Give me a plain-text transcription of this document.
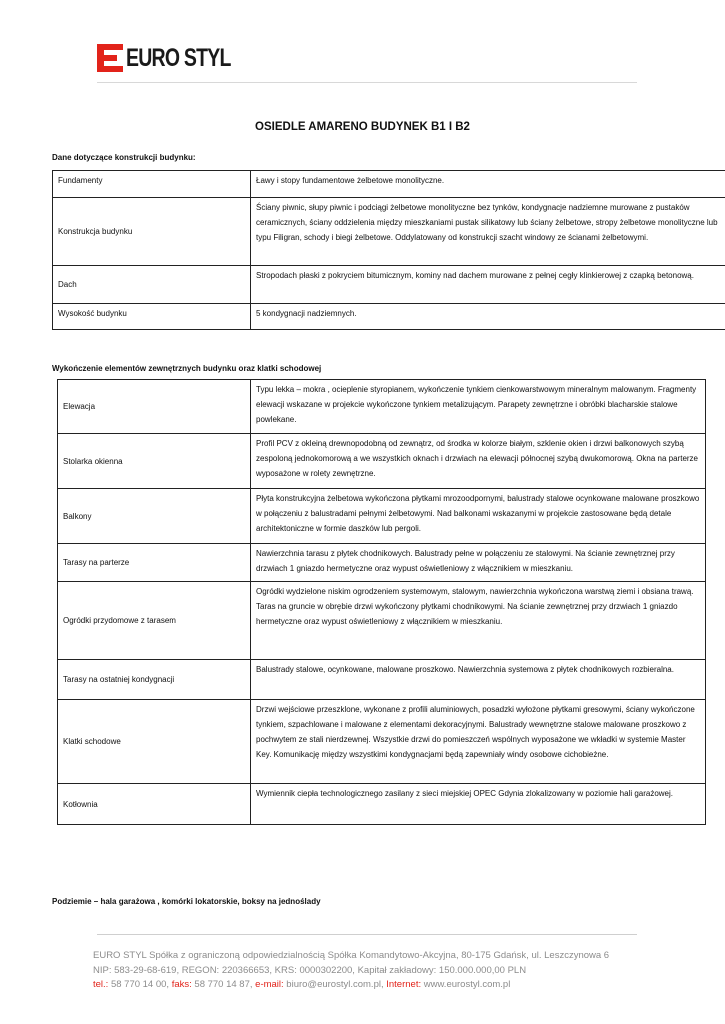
EURO STYL
OSIEDLE AMARENO BUDYNEK B1 I B2
Dane dotyczące konstrukcji budynku:
Fundamenty	Ławy i stopy fundamentowe żelbetowe monolityczne.
Konstrukcja budynku	Ściany piwnic, słupy piwnic i podciągi żelbetowe monolityczne bez tynków, kondygnacje nadziemne murowane z pustaków ceramicznych, ściany oddzielenia między mieszkaniami pustak silikatowy lub ściany żelbetowe, stropy żelbetowe monolityczne lub typu Filigran, schody i biegi żelbetowe. Oddylatowany od konstrukcji szacht windowy ze ścianami żelbetowymi.
Dach	Stropodach płaski z pokryciem bitumicznym, kominy nad dachem murowane z pełnej cegły klinkierowej z czapką betonową.
Wysokość budynku	5 kondygnacji nadziemnych.
Wykończenie elementów zewnętrznych budynku oraz klatki schodowej
Elewacja	Typu lekka – mokra , ocieplenie styropianem, wykończenie tynkiem cienkowarstwowym mineralnym malowanym. Fragmenty elewacji wskazane w projekcie wykończone tynkiem metalizującym. Parapety zewnętrzne i obróbki blacharskie stalowe powlekane.
Stolarka okienna	Profil PCV z okleiną drewnopodobną od zewnątrz, od środka w kolorze białym, szklenie okien i drzwi balkonowych szybą zespoloną jednokomorową a we wszystkich oknach i drzwiach na elewacji północnej szybą dwukomorową. Okna na parterze wyposażone w rolety zewnętrzne.
Balkony	Płyta konstrukcyjna żelbetowa wykończona płytkami mrozoodpornymi, balustrady stalowe ocynkowane malowane proszkowo w połączeniu z balustradami pełnymi żelbetowymi. Nad balkonami wskazanymi w projekcie zastosowane będą detale architektoniczne w formie daszków lub pergoli.
Tarasy na parterze	Nawierzchnia tarasu z płytek chodnikowych. Balustrady pełne w połączeniu ze stalowymi. Na ścianie zewnętrznej przy drzwiach 1 gniazdo hermetyczne oraz wypust oświetleniowy z włącznikiem w mieszkaniu.
Ogródki przydomowe z tarasem	Ogródki wydzielone niskim ogrodzeniem systemowym, stalowym, nawierzchnia wykończona warstwą ziemi i obsiana trawą. Taras na gruncie w obrębie drzwi wykończony płytkami chodnikowymi. Na ścianie zewnętrznej przy drzwiach 1 gniazdo hermetyczne oraz wypust oświetleniowy z włącznikiem w mieszkaniu.
Tarasy na ostatniej kondygnacji	Balustrady stalowe, ocynkowane, malowane proszkowo. Nawierzchnia systemowa z płytek chodnikowych rozbieralna.
Klatki schodowe	Drzwi wejściowe przeszklone, wykonane z profili aluminiowych, posadzki wyłożone płytkami gresowymi, ściany wykończone tynkiem, szpachlowane i malowane z elementami dekoracyjnymi. Balustrady wewnętrzne stalowe malowane proszkowo z pochwytem ze stali nierdzewnej. Wszystkie drzwi do pomieszczeń wspólnych wyposażone we wkładki w systemie Master Key. Komunikację między wszystkimi kondygnacjami będą zapewniały windy osobowe cichobieżne.
Kotłownia	Wymiennik ciepła technologicznego zasilany z sieci miejskiej OPEC Gdynia zlokalizowany w poziomie hali garażowej.
Podziemie – hala garażowa , komórki lokatorskie, boksy na jednoślady
EURO STYL Spółka z ograniczoną odpowiedzialnością Spółka Komandytowo-Akcyjna, 80-175 Gdańsk, ul. Leszczynowa 6
NIP: 583-29-68-619, REGON: 220366653, KRS: 0000302200, Kapitał zakładowy: 150.000.000,00 PLN
tel.: 58 770 14 00, faks: 58 770 14 87, e-mail: biuro@eurostyl.com.pl, Internet: www.eurostyl.com.pl
